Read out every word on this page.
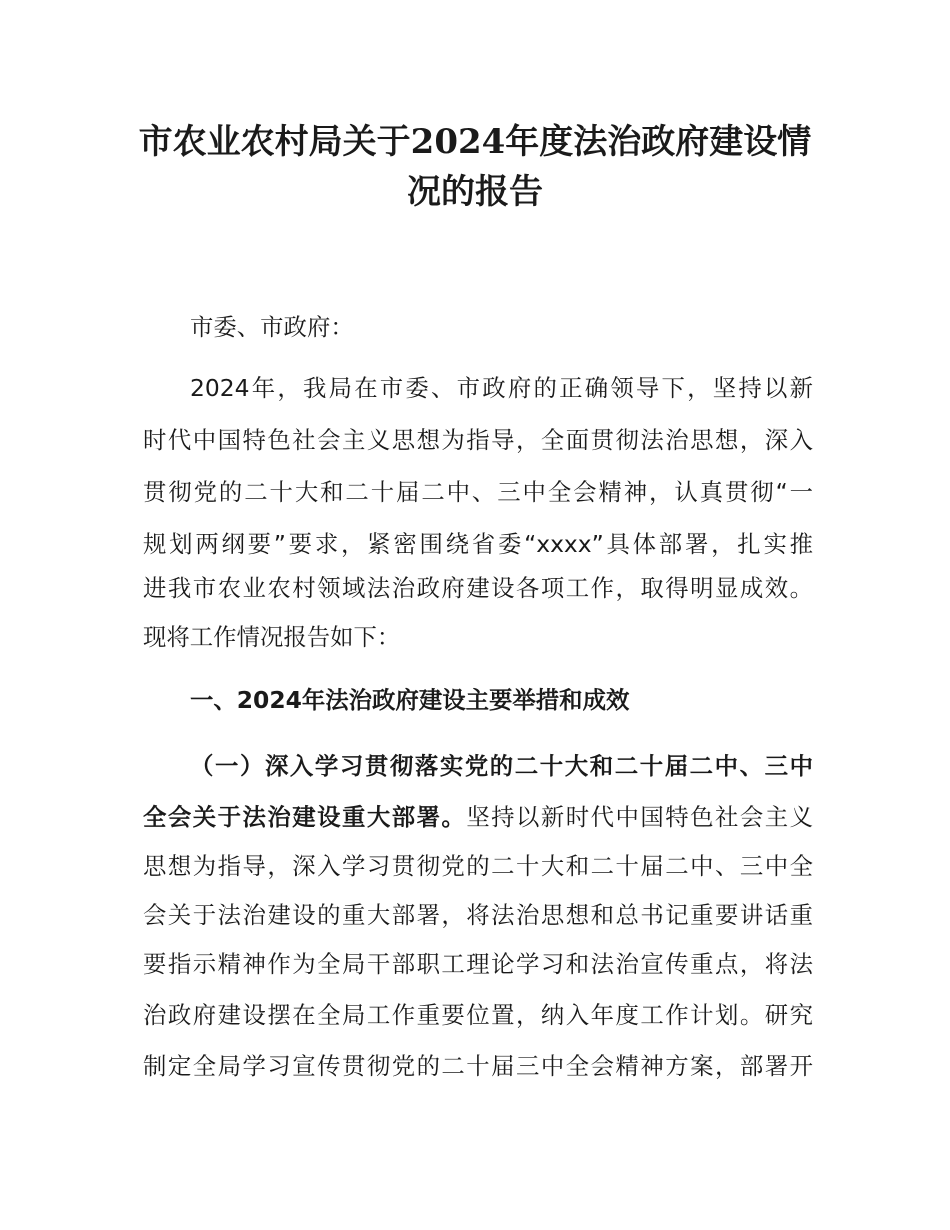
市农业农村局关于2024年度法治政府建设情
况的报告
市委、市政府：
2024年，我局在市委、市政府的正确领导下，坚持以新
时代中国特色社会主义思想为指导，全面贯彻法治思想，深入
贯彻党的二十大和二十届二中、三中全会精神，认真贯彻“一
规划两纲要”要求，紧密围绕省委“xxxx”具体部署，扎实推
进我市农业农村领域法治政府建设各项工作，取得明显成效。
现将工作情况报告如下：
一、2024年法治政府建设主要举措和成效
（一）深入学习贯彻落实党的二十大和二十届二中、三中
全会关于法治建设重大部署。坚持以新时代中国特色社会主义
思想为指导，深入学习贯彻党的二十大和二十届二中、三中全
会关于法治建设的重大部署，将法治思想和总书记重要讲话重
要指示精神作为全局干部职工理论学习和法治宣传重点，将法
治政府建设摆在全局工作重要位置，纳入年度工作计划。研究
制定全局学习宣传贯彻党的二十届三中全会精神方案，部署开
